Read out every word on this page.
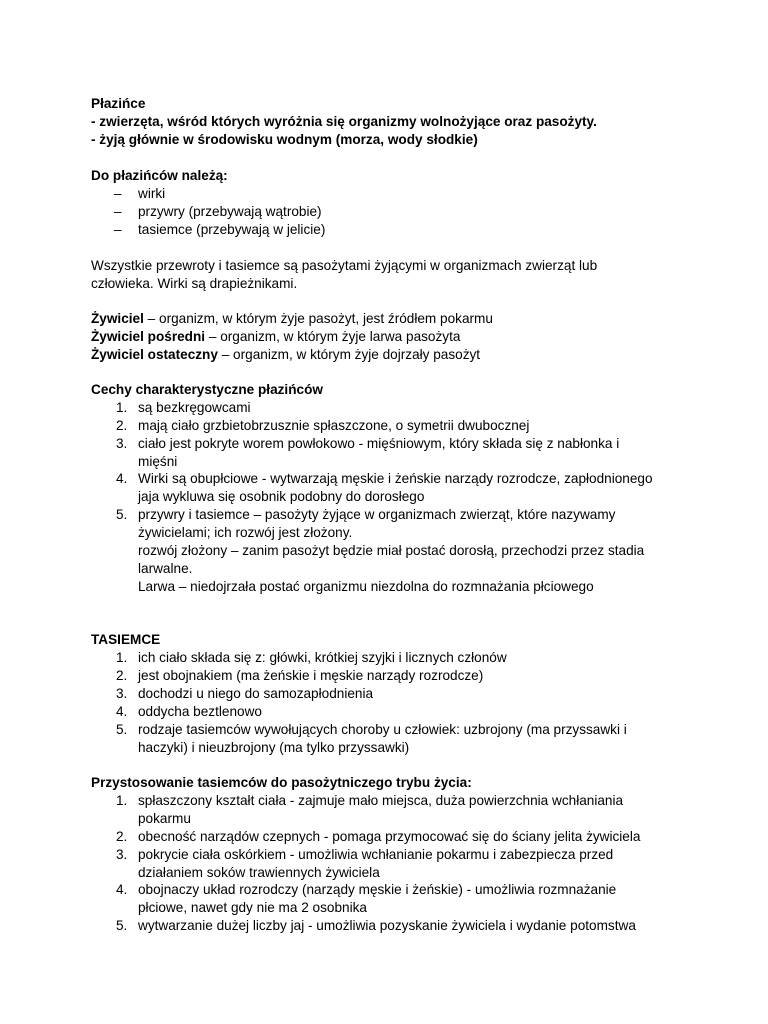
Płazińce
- zwierzęta, wśród których wyróżnia się organizmy wolnożyjące oraz pasożyty.
- żyją głównie w środowisku wodnym (morza, wody słodkie)
Do płazińców należą:
– wirki
– przywry (przebywają wątrobie)
– tasiemce (przebywają w jelicie)
Wszystkie przewroty i tasiemce są pasożytami żyjącymi w organizmach zwierząt lub
człowieka. Wirki są drapieżnikami.
Żywiciel – organizm, w którym żyje pasożyt, jest źródłem pokarmu
Żywiciel pośredni – organizm, w którym żyje larwa pasożyta
Żywiciel ostateczny – organizm, w którym żyje dojrzały pasożyt
Cechy charakterystyczne płazińców
1. są bezkręgowcami
2. mają ciało grzbietobrzusznie spłaszczone, o symetrii dwubocznej
3. ciało jest pokryte worem powłokowo - mięśniowym, który składa się z nabłonka i
mięśni
4. Wirki są obupłciowe - wytwarzają męskie i żeńskie narządy rozrodcze, zapłodnionego
jaja wykluwa się osobnik podobny do dorosłego
5. przywry i tasiemce – pasożyty żyjące w organizmach zwierząt, które nazywamy
żywicielami; ich rozwój jest złożony.
rozwój złożony – zanim pasożyt będzie miał postać dorosłą, przechodzi przez stadia
larwalne.
Larwa – niedojrzała postać organizmu niezdolna do rozmnażania płciowego
TASIEMCE
1. ich ciało składa się z: główki, krótkiej szyjki i licznych członów
2. jest obojnakiem (ma żeńskie i męskie narządy rozrodcze)
3. dochodzi u niego do samozapłodnienia
4. oddycha beztlenowo
5. rodzaje tasiemców wywołujących choroby u człowiek: uzbrojony (ma przyssawki i
haczyki) i nieuzbrojony (ma tylko przyssawki)
Przystosowanie tasiemców do pasożytniczego trybu życia:
1. spłaszczony kształt ciała - zajmuje mało miejsca, duża powierzchnia wchłaniania
pokarmu
2. obecność narządów czepnych - pomaga przymocować się do ściany jelita żywiciela
3. pokrycie ciała oskórkiem - umożliwia wchłanianie pokarmu i zabezpiecza przed
działaniem soków trawiennych żywiciela
4. obojnaczy układ rozrodczy (narządy męskie i żeńskie) - umożliwia rozmnażanie
płciowe, nawet gdy nie ma 2 osobnika
5. wytwarzanie dużej liczby jaj - umożliwia pozyskanie żywiciela i wydanie potomstwa
